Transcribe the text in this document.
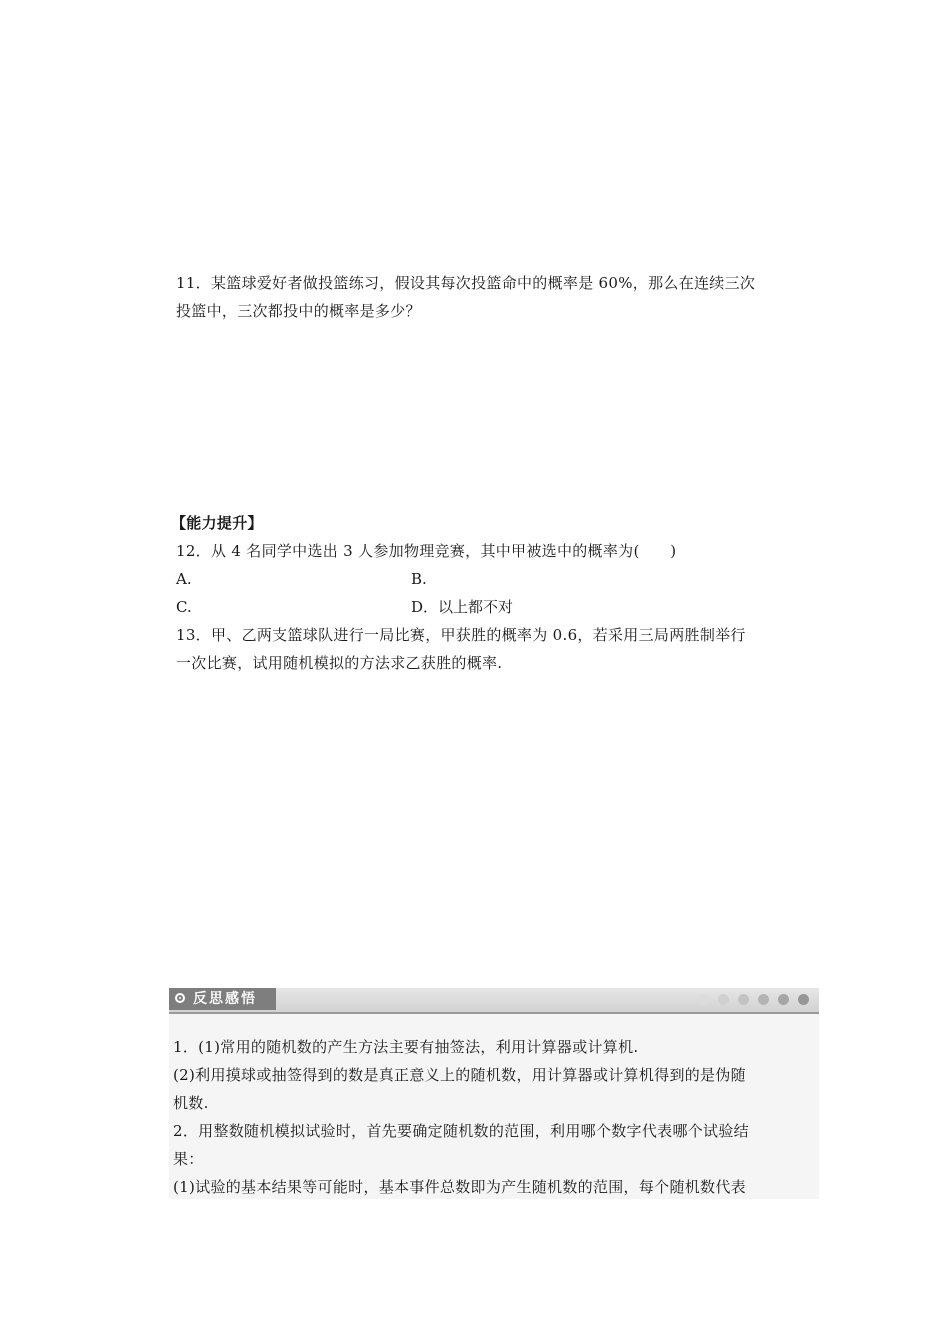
11．某篮球爱好者做投篮练习，假设其每次投篮命中的概率是 60%，那么在连续三次
投篮中，三次都投中的概率是多少？
【能力提升】
12．从 4 名同学中选出 3 人参加物理竞赛，其中甲被选中的概率为(　　)
A.	B.
C.	D．以上都不对
13．甲、乙两支篮球队进行一局比赛，甲获胜的概率为 0.6，若采用三局两胜制举行
一次比赛，试用随机模拟的方法求乙获胜的概率.
反思感悟
1．(1)常用的随机数的产生方法主要有抽签法，利用计算器或计算机.
(2)利用摸球或抽签得到的数是真正意义上的随机数，用计算器或计算机得到的是伪随
机数.
2．用整数随机模拟试验时，首先要确定随机数的范围，利用哪个数字代表哪个试验结
果：
(1)试验的基本结果等可能时，基本事件总数即为产生随机数的范围，每个随机数代表
